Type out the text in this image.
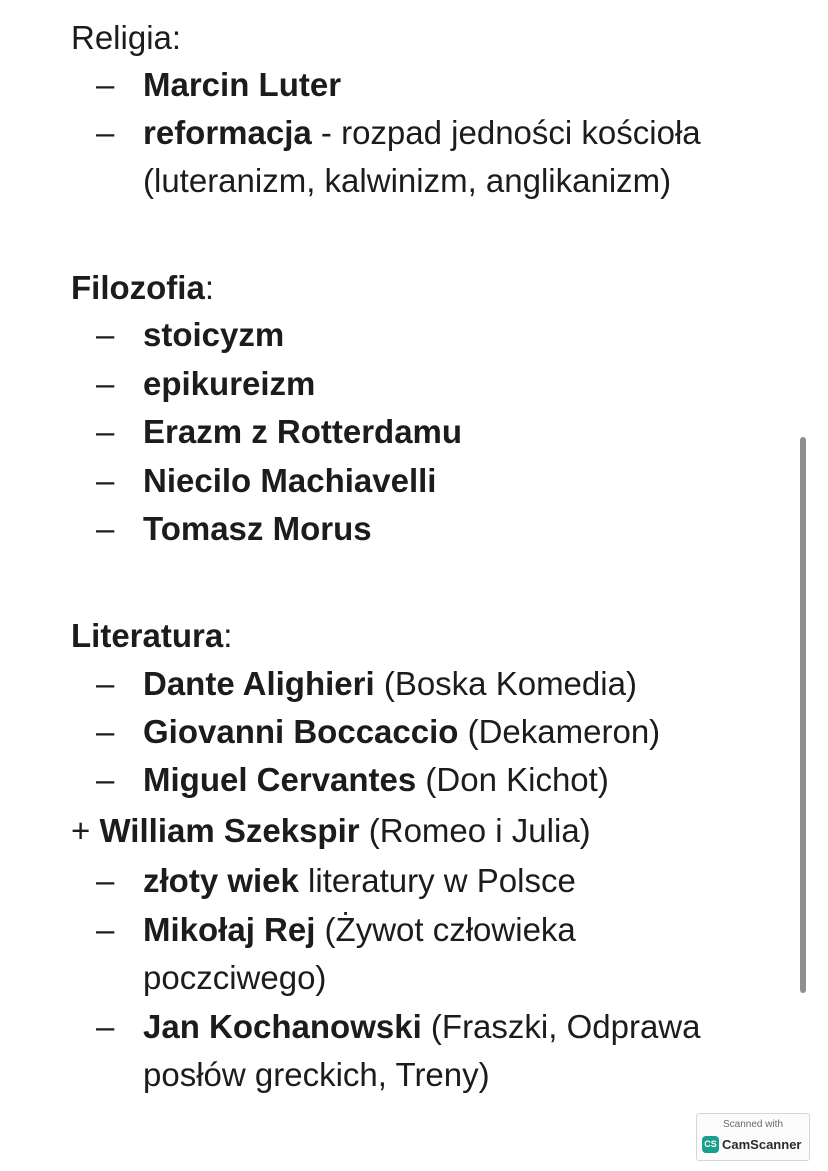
Religia:
– Marcin Luter
– reformacja - rozpad jedności kościoła
(luteranizm, kalwinizm, anglikanizm)
Filozofia:
– stoicyzm
– epikureizm
– Erazm z Rotterdamu
– Niecilo Machiavelli
– Tomasz Morus
Literatura:
– Dante Alighieri (Boska Komedia)
– Giovanni Boccaccio (Dekameron)
– Miguel Cervantes (Don Kichot)
+ William Szekspir (Romeo i Julia)
– złoty wiek literatury w Polsce
– Mikołaj Rej (Żywot człowieka
poczciwego)
– Jan Kochanowski (Fraszki, Odprawa
posłów greckich, Treny)
Scanned with
CS CamScanner
